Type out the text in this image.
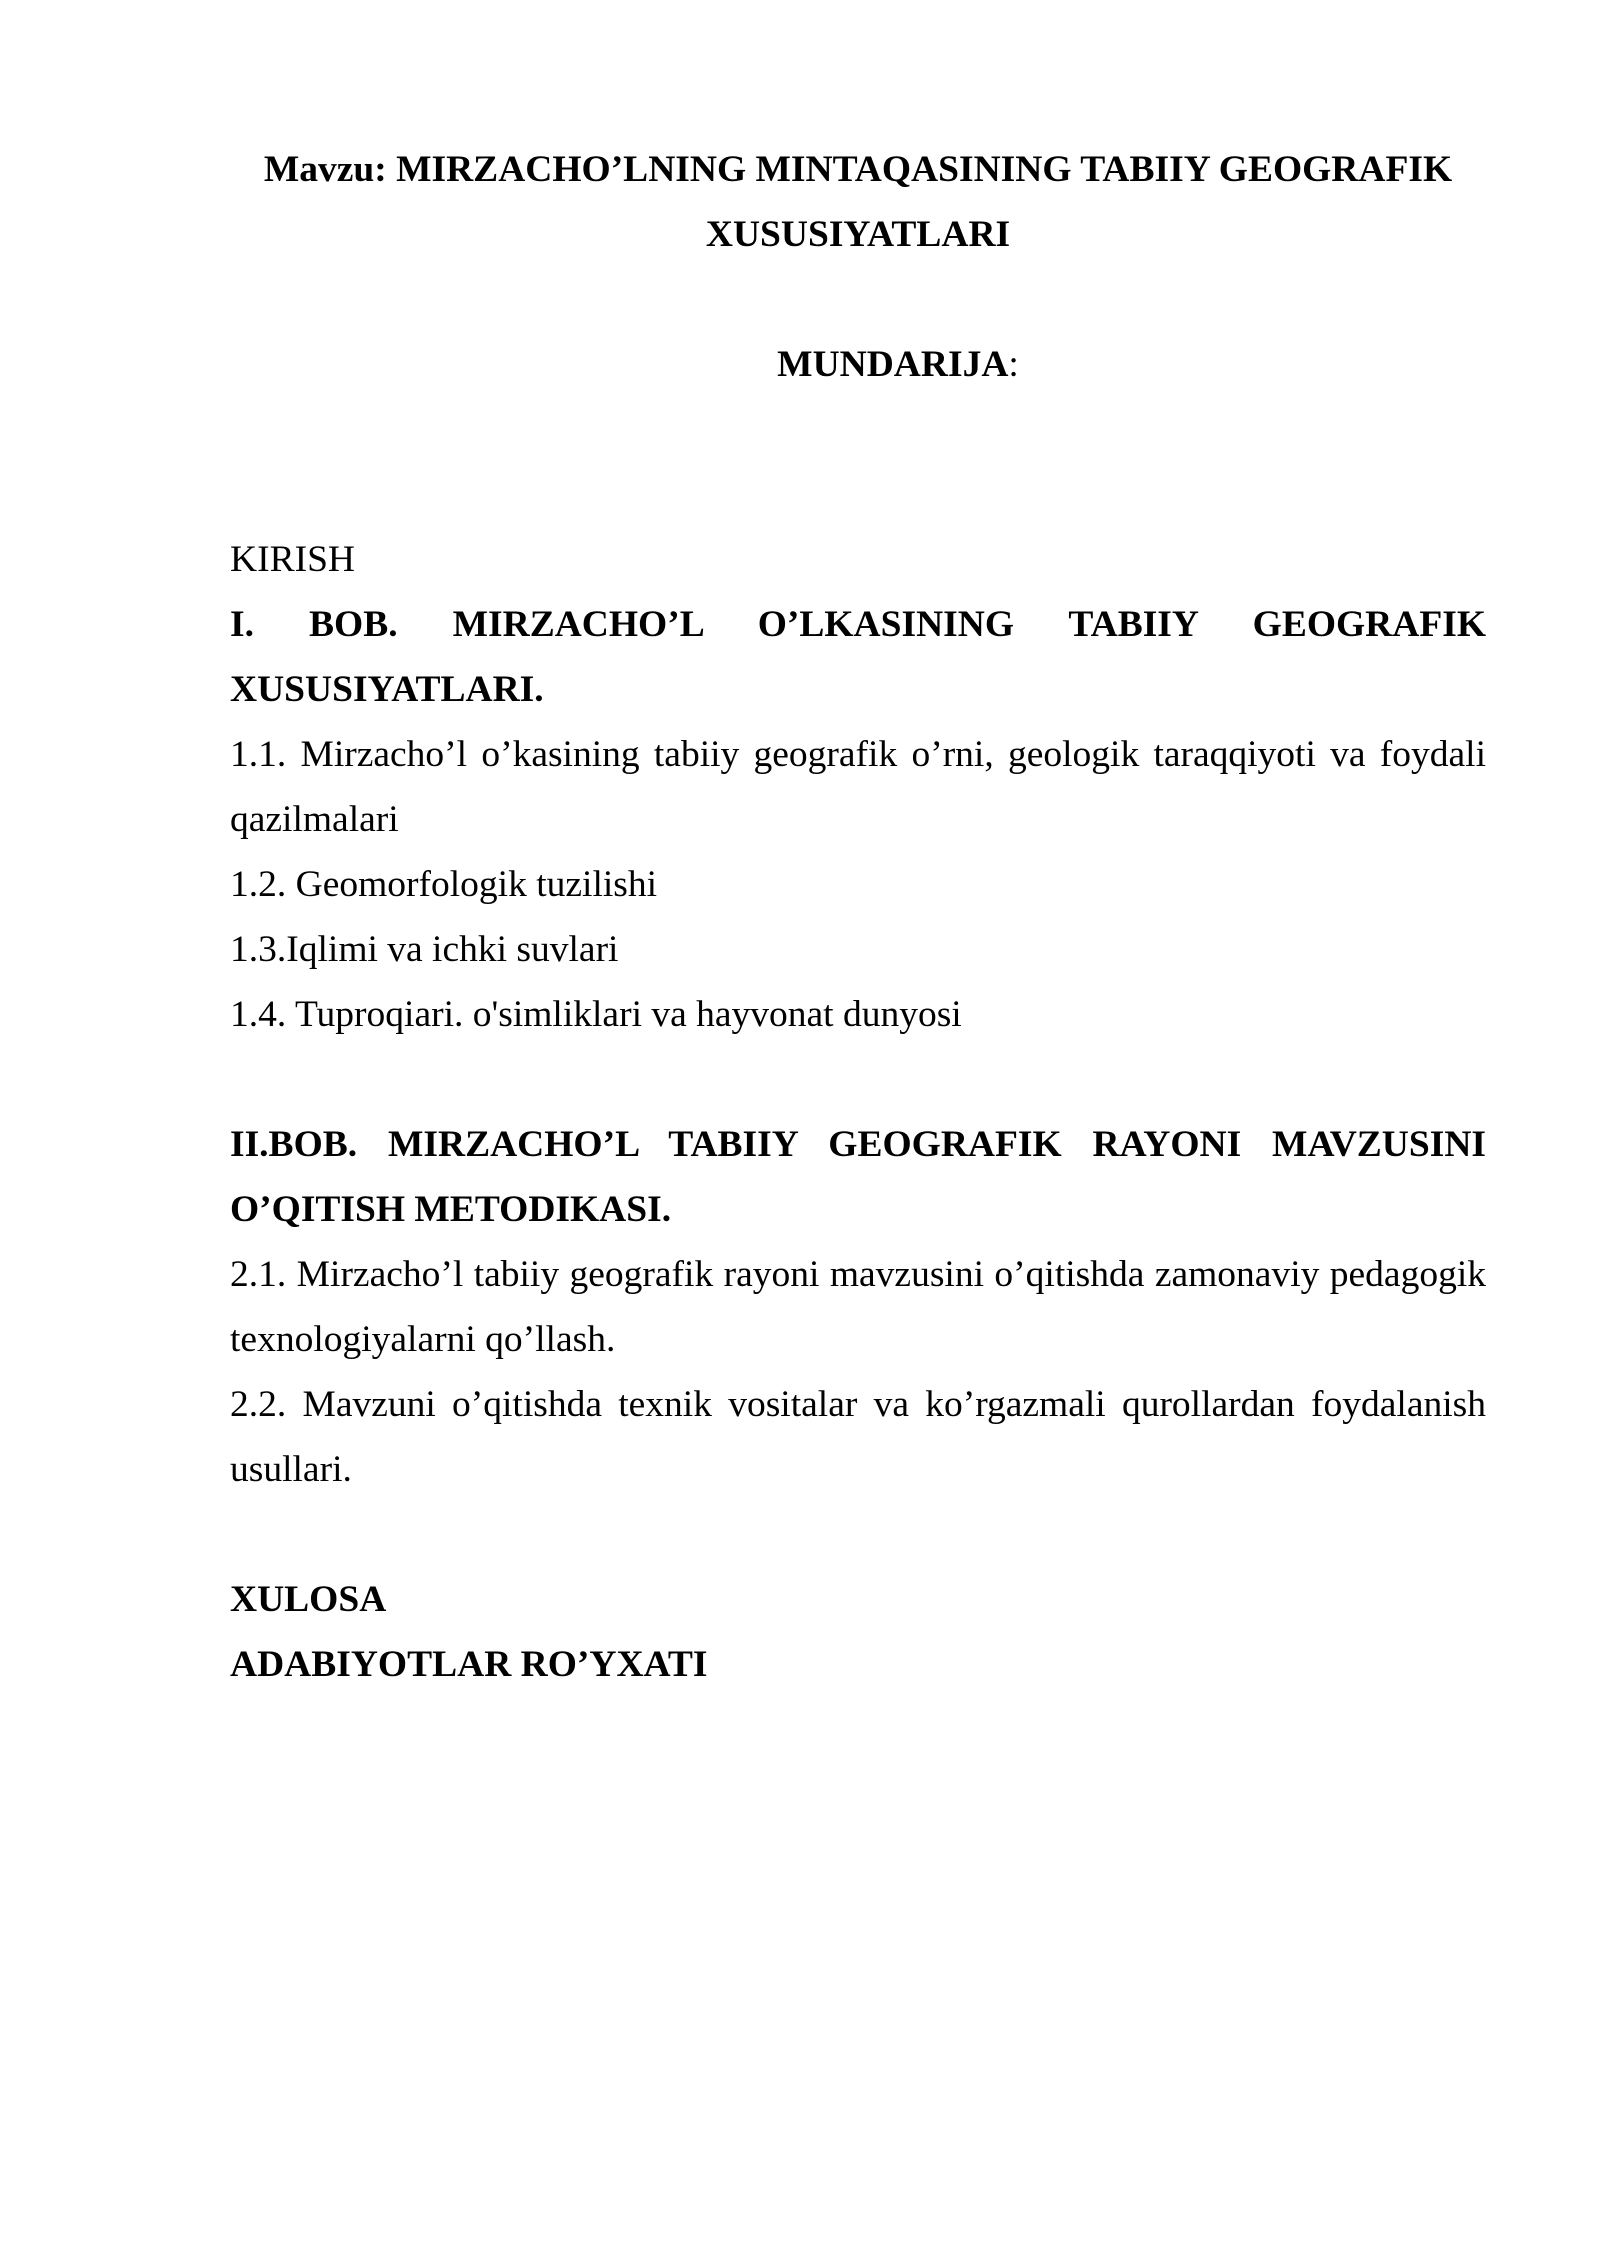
Mavzu: MIRZACHO’LNING MINTAQASINING TABIIY GEOGRAFIK
XUSUSIYATLARI

MUNDARIJA:

KIRISH
I. BOB. MIRZACHO’L O’LKASINING TABIIY GEOGRAFIK
XUSUSIYATLARI.
1.1. Mirzacho’l o’kasining tabiiy geografik o’rni, geologik taraqqiyoti va foydali
qazilmalari
1.2. Geomorfologik tuzilishi
1.3.Iqlimi va ichki suvlari
1.4. Tuproqiari. o'simliklari va hayvonat dunyosi

II.BOB. MIRZACHO’L TABIIY GEOGRAFIK RAYONI MAVZUSINI
O’QITISH METODIKASI.
2.1. Mirzacho’l tabiiy geografik rayoni mavzusini o’qitishda zamonaviy pedagogik
texnologiyalarni qo’llash.
2.2. Mavzuni o’qitishda texnik vositalar va ko’rgazmali qurollardan foydalanish
usullari.

XULOSA
ADABIYOTLAR RO’YXATI
